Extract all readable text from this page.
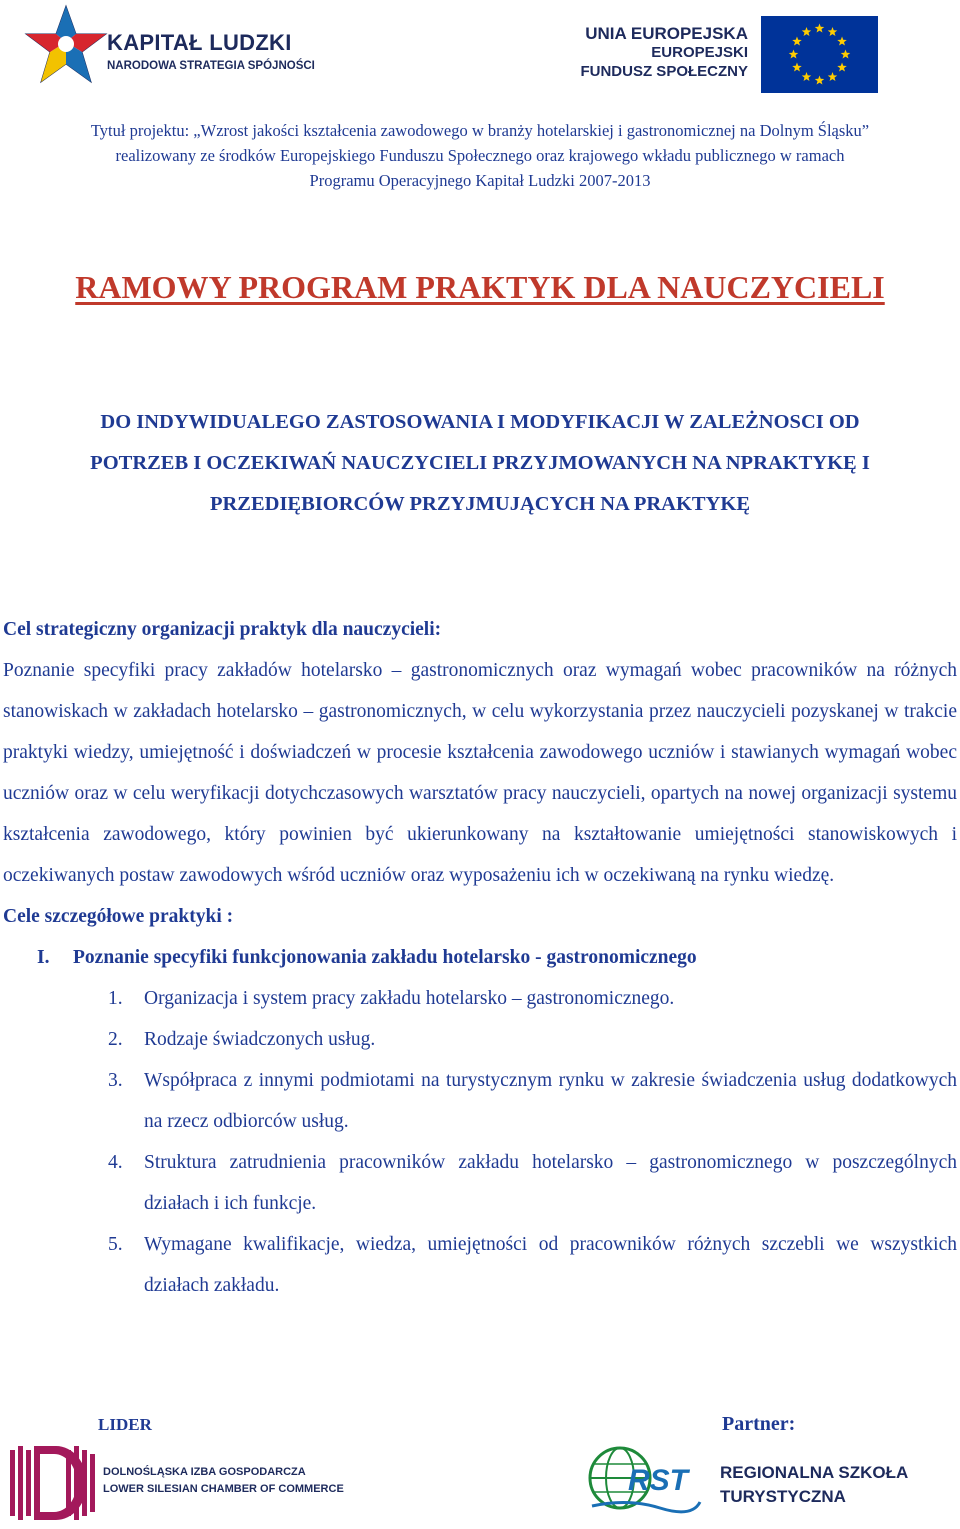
KAPITAŁ LUDZKI
NARODOWA STRATEGIA SPÓJNOŚCI
UNIA EUROPEJSKA
EUROPEJSKI
FUNDUSZ SPOŁECZNY
Tytuł projektu: „Wzrost jakości kształcenia zawodowego w branży hotelarskiej i gastronomicznej na Dolnym Śląsku”
realizowany ze środków Europejskiego Funduszu Społecznego oraz krajowego wkładu publicznego w ramach
Programu Operacyjnego Kapitał Ludzki 2007-2013
RAMOWY PROGRAM PRAKTYK DLA NAUCZYCIELI
DO INDYWIDUALEGO ZASTOSOWANIA I MODYFIKACJI W ZALEŻNOSCI OD
POTRZEB I OCZEKIWAŃ NAUCZYCIELI PRZYJMOWANYCH NA NPRAKTYKĘ I
PRZEDIĘBIORCÓW PRZYJMUJĄCYCH NA PRAKTYKĘ
Cel strategiczny organizacji praktyk dla nauczycieli:
Poznanie specyfiki pracy zakładów hotelarsko – gastronomicznych oraz wymagań wobec pracowników na różnych stanowiskach w zakładach hotelarsko – gastronomicznych, w celu wykorzystania przez nauczycieli pozyskanej w trakcie praktyki wiedzy, umiejętność i doświadczeń w procesie kształcenia zawodowego uczniów i stawianych wymagań wobec uczniów oraz w celu weryfikacji dotychczasowych warsztatów pracy nauczycieli, opartych na nowej organizacji systemu kształcenia zawodowego, który powinien być ukierunkowany na kształtowanie umiejętności stanowiskowych i oczekiwanych postaw zawodowych wśród uczniów oraz wyposażeniu ich w oczekiwaną na rynku wiedzę.
Cele szczegółowe praktyki :
I.	Poznanie specyfiki funkcjonowania zakładu hotelarsko - gastronomicznego
1.	Organizacja i system pracy zakładu hotelarsko – gastronomicznego.
2.	Rodzaje świadczonych usług.
3.	Współpraca z innymi podmiotami na turystycznym rynku w zakresie świadczenia usług dodatkowych na rzecz odbiorców usług.
4.	Struktura zatrudnienia pracowników zakładu hotelarsko – gastronomicznego w poszczególnych działach i ich funkcje.
5.	Wymagane kwalifikacje, wiedza, umiejętności od pracowników różnych szczebli we wszystkich działach zakładu.
LIDER	Partner:
DOLNOŚLĄSKA IZBA GOSPODARCZA
LOWER SILESIAN CHAMBER OF COMMERCE	RST REGIONALNA SZKOŁA
TURYSTYCZNA
